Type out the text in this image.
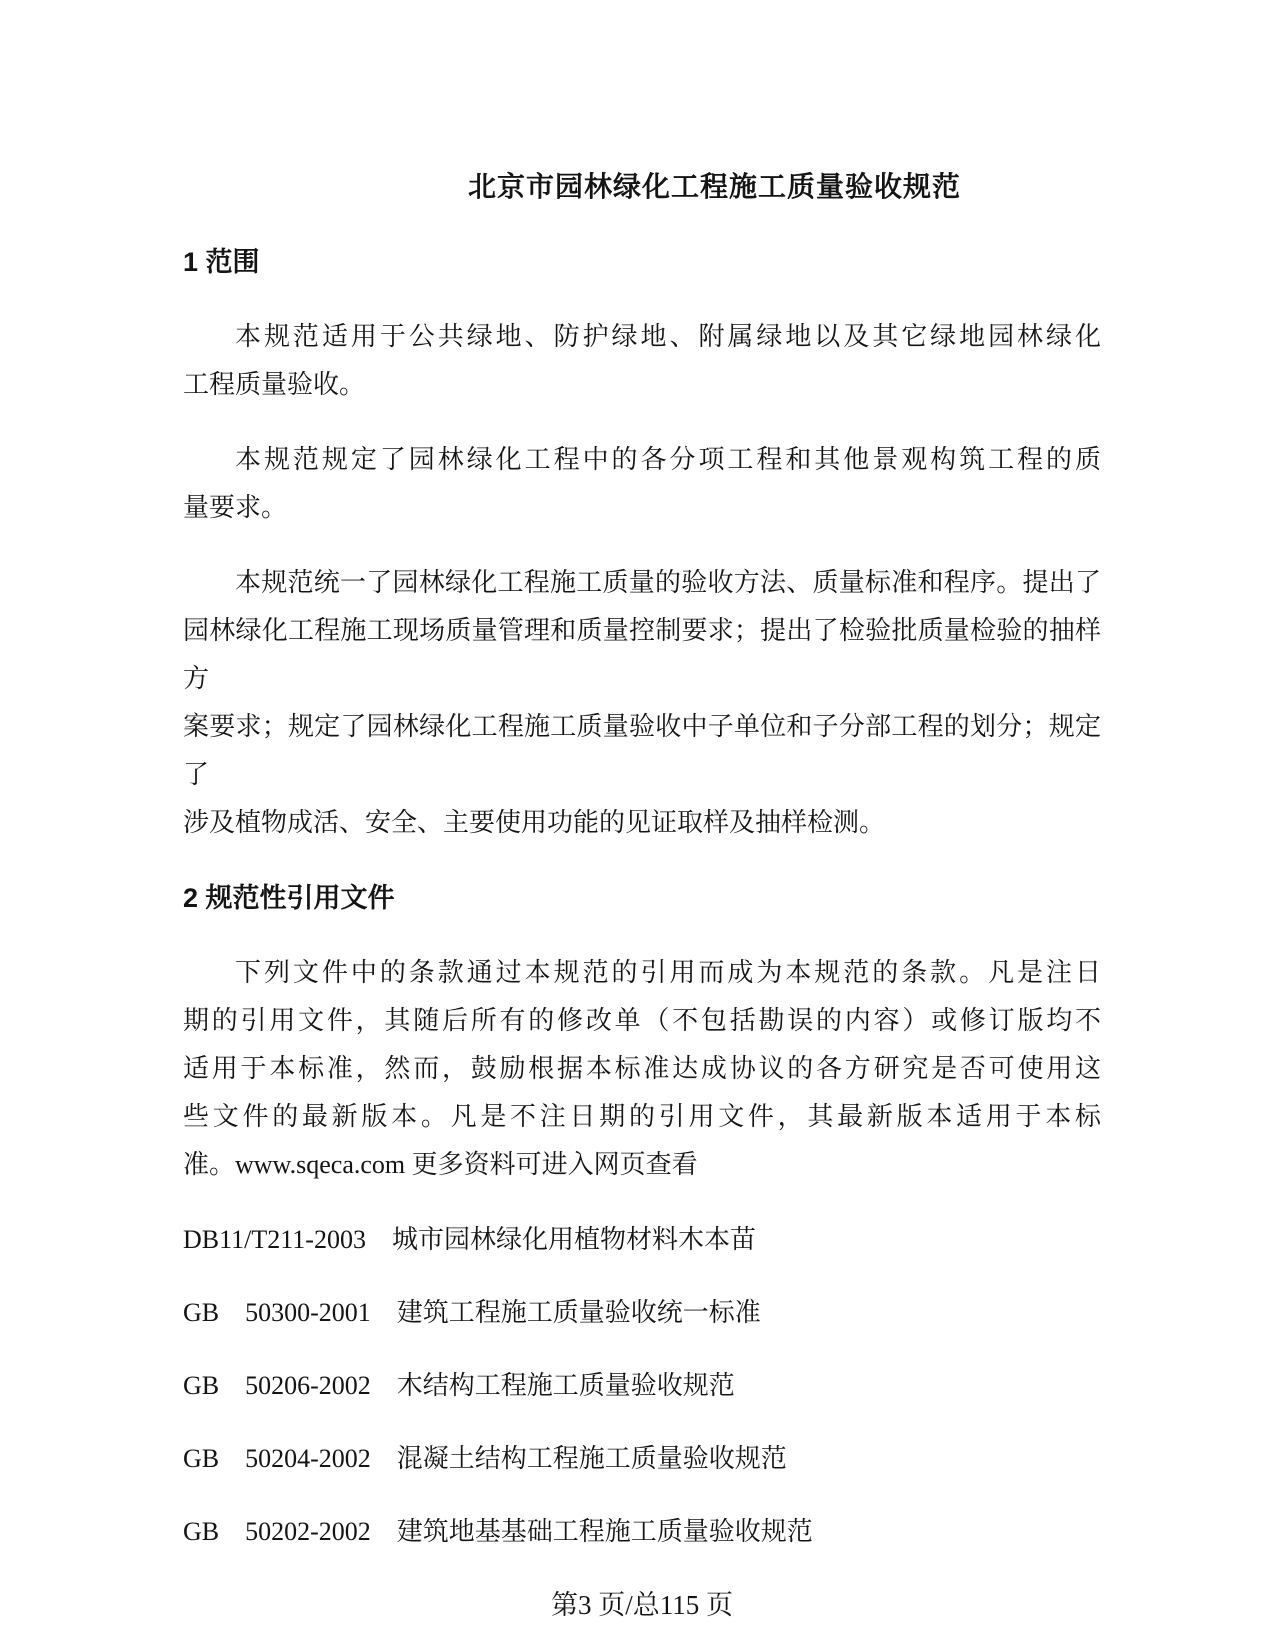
北京市园林绿化工程施工质量验收规范
1 范围
本规范适用于公共绿地、防护绿地、附属绿地以及其它绿地园林绿化
工程质量验收。
本规范规定了园林绿化工程中的各分项工程和其他景观构筑工程的质
量要求。
本规范统一了园林绿化工程施工质量的验收方法、质量标准和程序。提出了
园林绿化工程施工现场质量管理和质量控制要求；提出了检验批质量检验的抽样方
案要求；规定了园林绿化工程施工质量验收中子单位和子分部工程的划分；规定了
涉及植物成活、安全、主要使用功能的见证取样及抽样检测。
2 规范性引用文件
下列文件中的条款通过本规范的引用而成为本规范的条款。凡是注日
期的引用文件，其随后所有的修改单（不包括勘误的内容）或修订版均不
适用于本标准，然而，鼓励根据本标准达成协议的各方研究是否可使用这
些文件的最新版本。凡是不注日期的引用文件，其最新版本适用于本标
准。www.sqeca.com 更多资料可进入网页查看
DB11/T211-2003 城市园林绿化用植物材料木本苗
GB 50300-2001 建筑工程施工质量验收统一标准
GB 50206-2002 木结构工程施工质量验收规范
GB 50204-2002 混凝土结构工程施工质量验收规范
GB 50202-2002 建筑地基基础工程施工质量验收规范
第3 页/总115 页
